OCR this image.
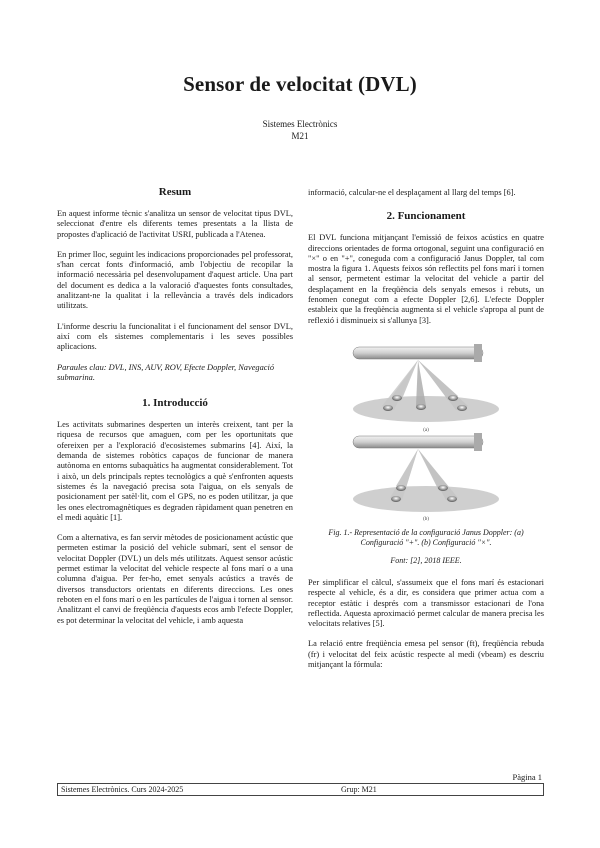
Sensor de velocitat (DVL)
Sistemes Electrònics
M21
Resum

En aquest informe tècnic s'analitza un sensor de velocitat tipus DVL, seleccionat d'entre els diferents temes presentats a la llista de propostes d'aplicació de l'activitat USRI, publicada a l'Atenea.

En primer lloc, seguint les indicacions proporcionades pel professorat, s'han cercat fonts d'informació, amb l'objectiu de recopilar la informació necessària pel desenvolupament d'aquest article. Una part del document es dedica a la valoració d'aquestes fonts consultades, analitzant-ne la qualitat i la rellevància a través dels indicadors utilitzats.

L'informe descriu la funcionalitat i el funcionament del sensor DVL, així com els sistemes complementaris i les seves possibles aplicacions.

Paraules clau: DVL, INS, AUV, ROV, Efecte Doppler, Navegació submarina.

1. Introducció

Les activitats submarines desperten un interès creixent, tant per la riquesa de recursos que amaguen, com per les oportunitats que ofereixen per a l'exploració d'ecosistemes submarins [4]. Així, la demanda de sistemes robòtics capaços de funcionar de manera autònoma en entorns subaquàtics ha augmentat considerablement. Tot i això, un dels principals reptes tecnològics a què s'enfronten aquests sistemes és la navegació precisa sota l'aigua, on els senyals de posicionament per satèl·lit, com el GPS, no es poden utilitzar, ja que les ones electromagnètiques es degraden ràpidament quan penetren en el medi aquàtic [1].

Com a alternativa, es fan servir mètodes de posicionament acústic que permeten estimar la posició del vehicle submarí, sent el sensor de velocitat Doppler (DVL) un dels més utilitzats. Aquest sensor acústic permet estimar la velocitat del vehicle respecte al fons marí o a una columna d'aigua. Per fer-ho, emet senyals acústics a través de diversos transductors orientats en diferents direccions. Les ones reboten en el fons marí o en les partícules de l'aigua i tornen al sensor. Analitzant el canvi de freqüència d'aquests ecos amb l'efecte Doppler, es pot determinar la velocitat del vehicle, i amb aquesta

informació, calcular-ne el desplaçament al llarg del temps [6].

2. Funcionament

El DVL funciona mitjançant l'emissió de feixos acústics en quatre direccions orientades de forma ortogonal, seguint una configuració en "×" o en "+", coneguda com a configuració Janus Doppler, tal com mostra la figura 1. Aquests feixos són reflectits pel fons marí i tornen al sensor, permetent estimar la velocitat del vehicle a partir del desplaçament en la freqüència dels senyals emesos i rebuts, un fenomen conegut com a efecte Doppler [2,6]. L'efecte Doppler estableix que la freqüència augmenta si el vehicle s'apropa al punt de reflexió i disminueix si s'allunya [3].

(a)
(b)
Fig. 1.- Representació de la configuració Janus Doppler: (a) Configuració "+". (b) Configuració "×".
Font: [2], 2018 IEEE.

Per simplificar el càlcul, s'assumeix que el fons marí és estacionari respecte al vehicle, és a dir, es considera que primer actua com a receptor estàtic i després com a transmissor estacionari de l'ona reflectida. Aquesta aproximació permet calcular de manera precisa les velocitats relatives [5].

La relació entre freqüència emesa pel sensor (ft), freqüència rebuda (fr) i velocitat del feix acústic respecte al medi (vbeam) es descriu mitjançant la fórmula:

Pàgina 1
Sistemes Electrònics. Curs 2024-2025	Grup: M21
